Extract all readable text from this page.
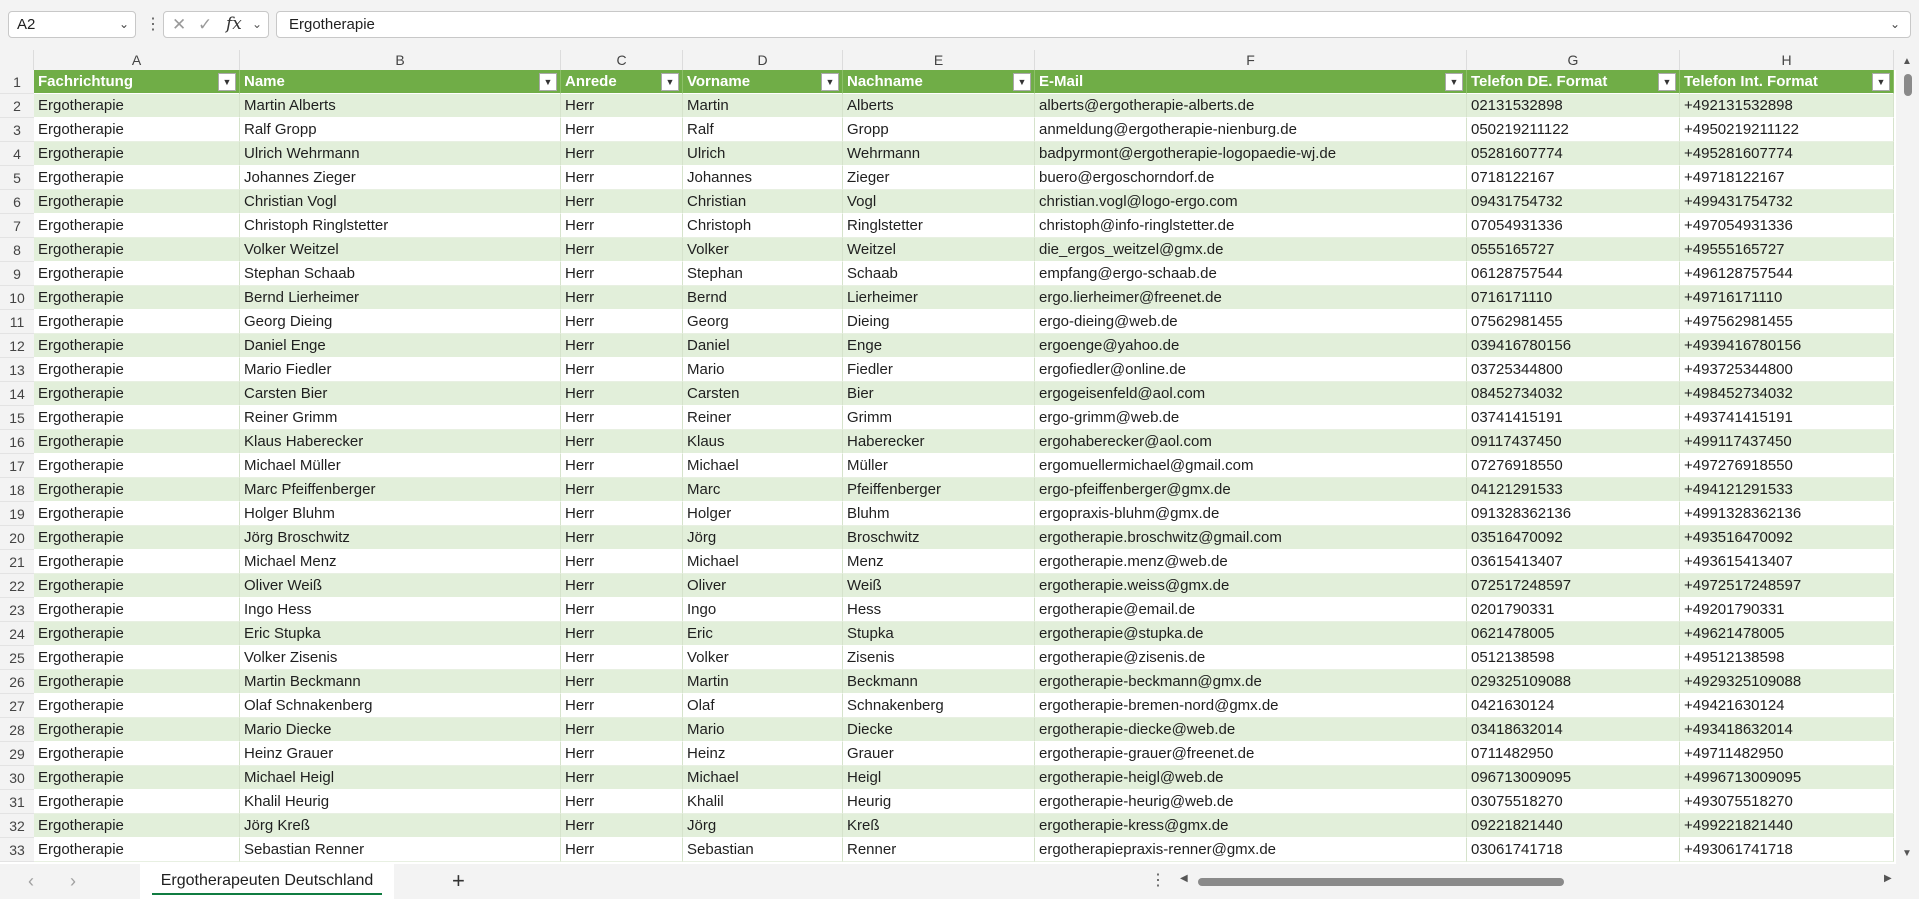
A2	⌄ ⋮ ✕ ✓ fx ⌄	Ergotherapie	⌄
A	B	C	D	E	F	G	H
1	Fachrichtung	▼ Name	▼ Anrede	▼ Vorname	▼ Nachname	▼ E-Mail	▼ Telefon DE. Format	▼ Telefon Int. Format	▼
2	Ergotherapie	Martin Alberts	Herr	Martin	Alberts	alberts@ergotherapie-alberts.de	02131532898	+492131532898
3	Ergotherapie	Ralf Gropp	Herr	Ralf	Gropp	anmeldung@ergotherapie-nienburg.de	050219211122	+4950219211122
4	Ergotherapie	Ulrich Wehrmann	Herr	Ulrich	Wehrmann	badpyrmont@ergotherapie-logopaedie-wj.de	05281607774	+495281607774
5	Ergotherapie	Johannes Zieger	Herr	Johannes	Zieger	buero@ergoschorndorf.de	0718122167	+49718122167
6	Ergotherapie	Christian Vogl	Herr	Christian	Vogl	christian.vogl@logo-ergo.com	09431754732	+499431754732
7	Ergotherapie	Christoph Ringlstetter	Herr	Christoph	Ringlstetter	christoph@info-ringlstetter.de	07054931336	+497054931336
8	Ergotherapie	Volker Weitzel	Herr	Volker	Weitzel	die_ergos_weitzel@gmx.de	0555165727	+49555165727
9	Ergotherapie	Stephan Schaab	Herr	Stephan	Schaab	empfang@ergo-schaab.de	06128757544	+496128757544
10 Ergotherapie	Bernd Lierheimer	Herr	Bernd	Lierheimer	ergo.lierheimer@freenet.de	0716171110	+49716171110
11 Ergotherapie	Georg Dieing	Herr	Georg	Dieing	ergo-dieing@web.de	07562981455	+497562981455
12 Ergotherapie	Daniel Enge	Herr	Daniel	Enge	ergoenge@yahoo.de	039416780156	+4939416780156
13 Ergotherapie	Mario Fiedler	Herr	Mario	Fiedler	ergofiedler@online.de	03725344800	+493725344800
14 Ergotherapie	Carsten Bier	Herr	Carsten	Bier	ergogeisenfeld@aol.com	08452734032	+498452734032
15 Ergotherapie	Reiner Grimm	Herr	Reiner	Grimm	ergo-grimm@web.de	03741415191	+493741415191
16 Ergotherapie	Klaus Haberecker	Herr	Klaus	Haberecker	ergohaberecker@aol.com	09117437450	+499117437450
17 Ergotherapie	Michael Müller	Herr	Michael	Müller	ergomuellermichael@gmail.com	07276918550	+497276918550
18 Ergotherapie	Marc Pfeiffenberger	Herr	Marc	Pfeiffenberger	ergo-pfeiffenberger@gmx.de	04121291533	+494121291533
19 Ergotherapie	Holger Bluhm	Herr	Holger	Bluhm	ergopraxis-bluhm@gmx.de	091328362136	+4991328362136
20 Ergotherapie	Jörg Broschwitz	Herr	Jörg	Broschwitz	ergotherapie.broschwitz@gmail.com	03516470092	+493516470092
21 Ergotherapie	Michael Menz	Herr	Michael	Menz	ergotherapie.menz@web.de	03615413407	+493615413407
22 Ergotherapie	Oliver Weiß	Herr	Oliver	Weiß	ergotherapie.weiss@gmx.de	072517248597	+4972517248597
23 Ergotherapie	Ingo Hess	Herr	Ingo	Hess	ergotherapie@email.de	0201790331	+49201790331
24 Ergotherapie	Eric Stupka	Herr	Eric	Stupka	ergotherapie@stupka.de	0621478005	+49621478005
25 Ergotherapie	Volker Zisenis	Herr	Volker	Zisenis	ergotherapie@zisenis.de	0512138598	+49512138598
26 Ergotherapie	Martin Beckmann	Herr	Martin	Beckmann	ergotherapie-beckmann@gmx.de	029325109088	+4929325109088
27 Ergotherapie	Olaf Schnakenberg	Herr	Olaf	Schnakenberg	ergotherapie-bremen-nord@gmx.de	0421630124	+49421630124
28 Ergotherapie	Mario Diecke	Herr	Mario	Diecke	ergotherapie-diecke@web.de	03418632014	+493418632014
29 Ergotherapie	Heinz Grauer	Herr	Heinz	Grauer	ergotherapie-grauer@freenet.de	0711482950	+49711482950
30 Ergotherapie	Michael Heigl	Herr	Michael	Heigl	ergotherapie-heigl@web.de	096713009095	+4996713009095
31 Ergotherapie	Khalil Heurig	Herr	Khalil	Heurig	ergotherapie-heurig@web.de	03075518270	+493075518270
32 Ergotherapie	Jörg Kreß	Herr	Jörg	Kreß	ergotherapie-kress@gmx.de	09221821440	+499221821440
33 Ergotherapie	Sebastian Renner	Herr	Sebastian	Renner	ergotherapiepraxis-renner@gmx.de	03061741718	+493061741718
▲
▼
‹ ›	Ergotherapeuten Deutschland	+	⋮ ◀	▶
